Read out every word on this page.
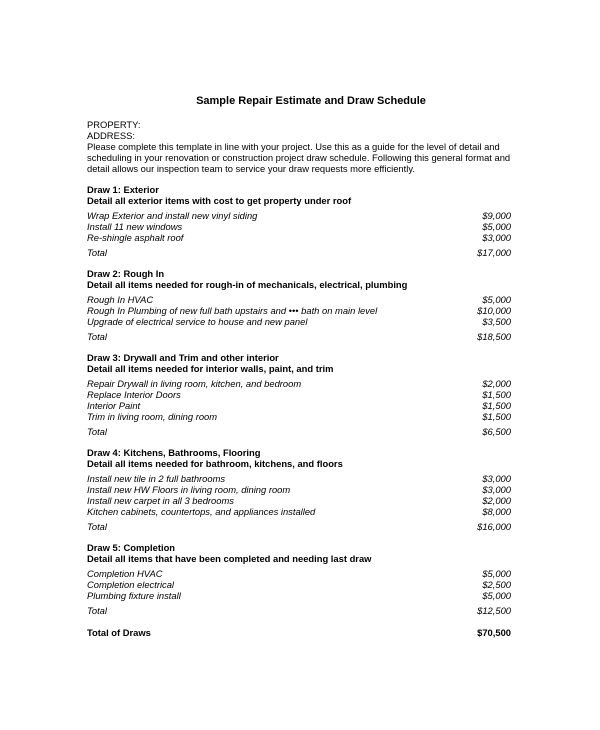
Sample Repair Estimate and Draw Schedule
PROPERTY:
ADDRESS:
Please complete this template in line with your project. Use this as a guide for the level of detail and
scheduling in your renovation or construction project draw schedule. Following this general format and
detail allows our inspection team to service your draw requests more efficiently.
Draw 1: Exterior
Detail all exterior items with cost to get property under roof
Wrap Exterior and install new vinyl siding	$9,000
Install 11 new windows	$5,000
Re-shingle asphalt roof	$3,000
Total	$17,000
Draw 2: Rough In
Detail all items needed for rough-in of mechanicals, electrical, plumbing
Rough In HVAC	$5,000
Rough In Plumbing of new full bath upstairs and ••• bath on main level	$10,000
Upgrade of electrical service to house and new panel	$3,500
Total	$18,500
Draw 3: Drywall and Trim and other interior
Detail all items needed for interior walls, paint, and trim
Repair Drywall in living room, kitchen, and bedroom	$2,000
Replace Interior Doors	$1,500
Interior Paint	$1,500
Trim in living room, dining room	$1,500
Total	$6,500
Draw 4: Kitchens, Bathrooms, Flooring
Detail all items needed for bathroom, kitchens, and floors
Install new tile in 2 full bathrooms	$3,000
Install new HW Floors in living room, dining room	$3,000
Install new carpet in all 3 bedrooms	$2,000
Kitchen cabinets, countertops, and appliances installed	$8,000
Total	$16,000
Draw 5: Completion
Detail all items that have been completed and needing last draw
Completion HVAC	$5,000
Completion electrical	$2,500
Plumbing fixture install	$5,000
Total	$12,500
Total of Draws	$70,500
